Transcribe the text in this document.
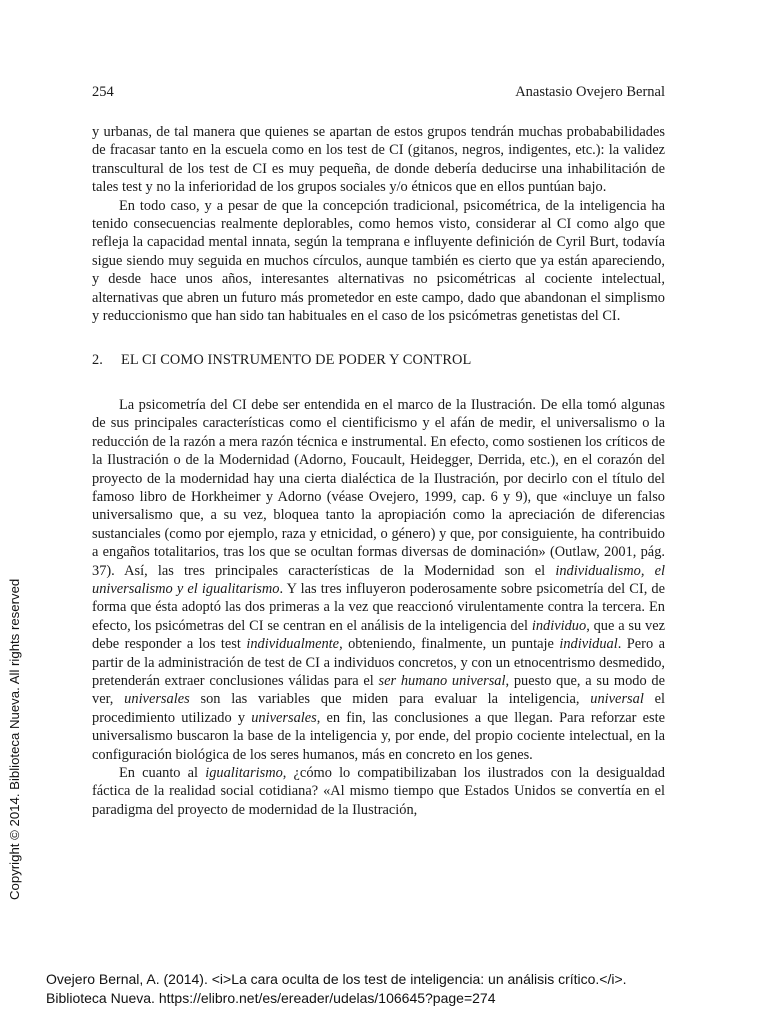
254	Anastasio Ovejero Bernal

y urbanas, de tal manera que quienes se apartan de estos grupos tendrán muchas probababilidades de fracasar tanto en la escuela como en los test de CI (gitanos, negros, indigentes, etc.): la validez transcultural de los test de CI es muy pequeña, de donde debería deducirse una inhabilitación de tales test y no la inferioridad de los grupos sociales y/o étnicos que en ellos puntúan bajo.

En todo caso, y a pesar de que la concepción tradicional, psicométrica, de la inteligencia ha tenido consecuencias realmente deplorables, como hemos visto, considerar al CI como algo que refleja la capacidad mental innata, según la temprana e influyente definición de Cyril Burt, todavía sigue siendo muy seguida en muchos círculos, aunque también es cierto que ya están apareciendo, y desde hace unos años, interesantes alternativas no psicométricas al cociente intelectual, alternativas que abren un futuro más prometedor en este campo, dado que abandonan el simplismo y reduccionismo que han sido tan habituales en el caso de los psicómetras genetistas del CI.

2. EL CI COMO INSTRUMENTO DE PODER Y CONTROL

La psicometría del CI debe ser entendida en el marco de la Ilustración. De ella tomó algunas de sus principales características como el cientificismo y el afán de medir, el universalismo o la reducción de la razón a mera razón técnica e instrumental. En efecto, como sostienen los críticos de la Ilustración o de la Modernidad (Adorno, Foucault, Heidegger, Derrida, etc.), en el corazón del proyecto de la modernidad hay una cierta dialéctica de la Ilustración, por decirlo con el título del famoso libro de Horkheimer y Adorno (véase Ovejero, 1999, cap. 6 y 9), que «incluye un falso universalismo que, a su vez, bloquea tanto la apropiación como la apreciación de diferencias sustanciales (como por ejemplo, raza y etnicidad, o género) y que, por consiguiente, ha contribuido a engaños totalitarios, tras los que se ocultan formas diversas de dominación» (Outlaw, 2001, pág. 37). Así, las tres principales características de la Modernidad son el individualismo, el universalismo y el igualitarismo. Y las tres influyeron poderosamente sobre psicometría del CI, de forma que ésta adoptó las dos primeras a la vez que reaccionó virulentamente contra la tercera. En efecto, los psicómetras del CI se centran en el análisis de la inteligencia del individuo, que a su vez debe responder a los test individualmente, obteniendo, finalmente, un puntaje individual. Pero a partir de la administración de test de CI a individuos concretos, y con un etnocentrismo desmedido, pretenderán extraer conclusiones válidas para el ser humano universal, puesto que, a su modo de ver, universales son las variables que miden para evaluar la inteligencia, universal el procedimiento utilizado y universales, en fin, las conclusiones a que llegan. Para reforzar este universalismo buscaron la base de la inteligencia y, por ende, del propio cociente intelectual, en la configuración biológica de los seres humanos, más en concreto en los genes.

En cuanto al igualitarismo, ¿cómo lo compatibilizaban los ilustrados con la desigualdad fáctica de la realidad social cotidiana? «Al mismo tiempo que Estados Unidos se convertía en el paradigma del proyecto de modernidad de la Ilustración,

Copyright © 2014. Biblioteca Nueva. All rights reserved
Ovejero Bernal, A. (2014). <i>La cara oculta de los test de inteligencia: un análisis crítico.</i>.
Biblioteca Nueva. https://elibro.net/es/ereader/udelas/106645?page=274
